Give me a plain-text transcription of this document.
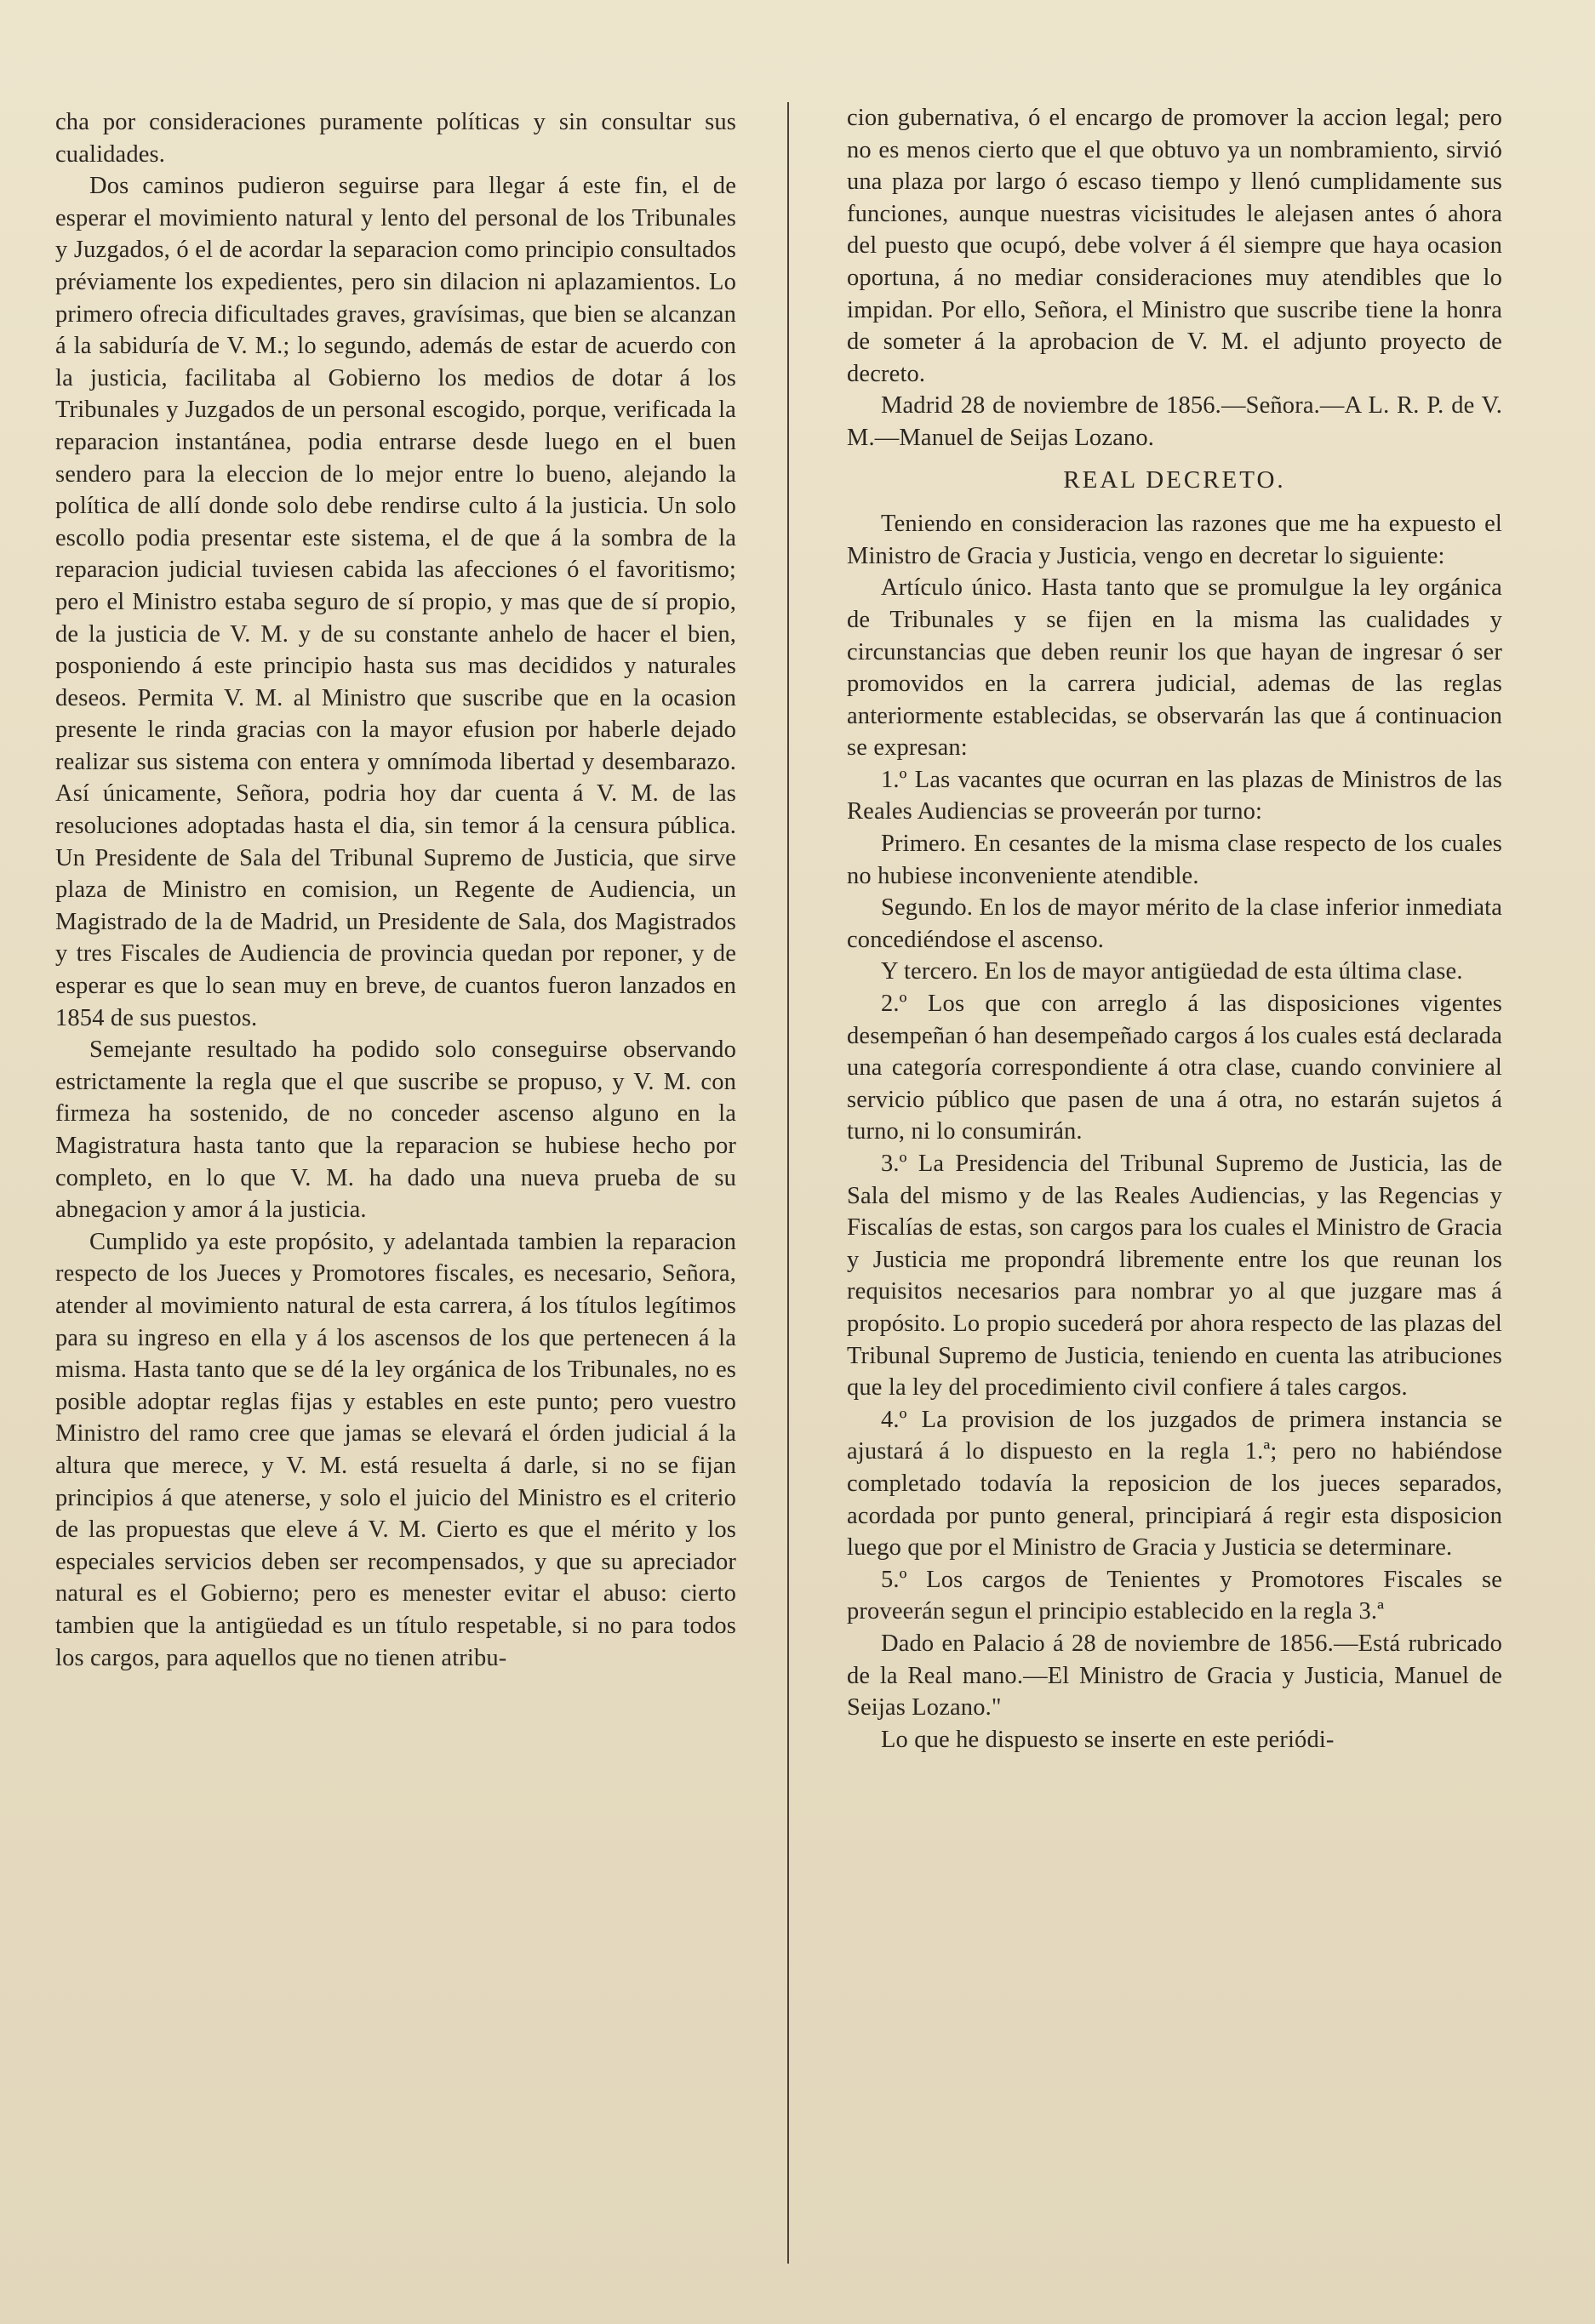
cha por consideraciones puramente políticas y sin consultar sus cualidades.

Dos caminos pudieron seguirse para llegar á este fin, el de esperar el movimiento natural y lento del personal de los Tribunales y Juzgados, ó el de acordar la separacion como principio consultados préviamente los expedientes, pero sin dilacion ni aplazamientos. Lo primero ofrecia dificultades graves, gravísimas, que bien se alcanzan á la sabiduría de V. M.; lo segundo, además de estar de acuerdo con la justicia, facilitaba al Gobierno los medios de dotar á los Tribunales y Juzgados de un personal escogido, porque, verificada la reparacion instantánea, podia entrarse desde luego en el buen sendero para la eleccion de lo mejor entre lo bueno, alejando la política de allí donde solo debe rendirse culto á la justicia. Un solo escollo podia presentar este sistema, el de que á la sombra de la reparacion judicial tuviesen cabida las afecciones ó el favoritismo; pero el Ministro estaba seguro de sí propio, y mas que de sí propio, de la justicia de V. M. y de su constante anhelo de hacer el bien, posponiendo á este principio hasta sus mas decididos y naturales deseos. Permita V. M. al Ministro que suscribe que en la ocasion presente le rinda gracias con la mayor efusion por haberle dejado realizar sus sistema con entera y omnímoda libertad y desembarazo. Así únicamente, Señora, podria hoy dar cuenta á V. M. de las resoluciones adoptadas hasta el dia, sin temor á la censura pública. Un Presidente de Sala del Tribunal Supremo de Justicia, que sirve plaza de Ministro en comision, un Regente de Audiencia, un Magistrado de la de Madrid, un Presidente de Sala, dos Magistrados y tres Fiscales de Audiencia de provincia quedan por reponer, y de esperar es que lo sean muy en breve, de cuantos fueron lanzados en 1854 de sus puestos.

Semejante resultado ha podido solo conseguirse observando estrictamente la regla que el que suscribe se propuso, y V. M. con firmeza ha sostenido, de no conceder ascenso alguno en la Magistratura hasta tanto que la reparacion se hubiese hecho por completo, en lo que V. M. ha dado una nueva prueba de su abnegacion y amor á la justicia.

Cumplido ya este propósito, y adelantada tambien la reparacion respecto de los Jueces y Promotores fiscales, es necesario, Señora, atender al movimiento natural de esta carrera, á los títulos legítimos para su ingreso en ella y á los ascensos de los que pertenecen á la misma. Hasta tanto que se dé la ley orgánica de los Tribunales, no es posible adoptar reglas fijas y estables en este punto; pero vuestro Ministro del ramo cree que jamas se elevará el órden judicial á la altura que merece, y V. M. está resuelta á darle, si no se fijan principios á que atenerse, y solo el juicio del Ministro es el criterio de las propuestas que eleve á V. M. Cierto es que el mérito y los especiales servicios deben ser recompensados, y que su apreciador natural es el Gobierno; pero es menester evitar el abuso: cierto tambien que la antigüedad es un título respetable, si no para todos los cargos, para aquellos que no tienen atribu-

cion gubernativa, ó el encargo de promover la accion legal; pero no es menos cierto que el que obtuvo ya un nombramiento, sirvió una plaza por largo ó escaso tiempo y llenó cumplidamente sus funciones, aunque nuestras vicisitudes le alejasen antes ó ahora del puesto que ocupó, debe volver á él siempre que haya ocasion oportuna, á no mediar consideraciones muy atendibles que lo impidan. Por ello, Señora, el Ministro que suscribe tiene la honra de someter á la aprobacion de V. M. el adjunto proyecto de decreto.

Madrid 28 de noviembre de 1856.—Señora.—A L. R. P. de V. M.—Manuel de Seijas Lozano.

REAL DECRETO.

Teniendo en consideracion las razones que me ha expuesto el Ministro de Gracia y Justicia, vengo en decretar lo siguiente:

Artículo único. Hasta tanto que se promulgue la ley orgánica de Tribunales y se fijen en la misma las cualidades y circunstancias que deben reunir los que hayan de ingresar ó ser promovidos en la carrera judicial, ademas de las reglas anteriormente establecidas, se observarán las que á continuacion se expresan:

1.º Las vacantes que ocurran en las plazas de Ministros de las Reales Audiencias se proveerán por turno:

Primero. En cesantes de la misma clase respecto de los cuales no hubiese inconveniente atendible.

Segundo. En los de mayor mérito de la clase inferior inmediata concediéndose el ascenso.

Y tercero. En los de mayor antigüedad de esta última clase.

2.º Los que con arreglo á las disposiciones vigentes desempeñan ó han desempeñado cargos á los cuales está declarada una categoría correspondiente á otra clase, cuando conviniere al servicio público que pasen de una á otra, no estarán sujetos á turno, ni lo consumirán.

3.º La Presidencia del Tribunal Supremo de Justicia, las de Sala del mismo y de las Reales Audiencias, y las Regencias y Fiscalías de estas, son cargos para los cuales el Ministro de Gracia y Justicia me propondrá libremente entre los que reunan los requisitos necesarios para nombrar yo al que juzgare mas á propósito. Lo propio sucederá por ahora respecto de las plazas del Tribunal Supremo de Justicia, teniendo en cuenta las atribuciones que la ley del procedimiento civil confiere á tales cargos.

4.º La provision de los juzgados de primera instancia se ajustará á lo dispuesto en la regla 1.ª; pero no habiéndose completado todavía la reposicion de los jueces separados, acordada por punto general, principiará á regir esta disposicion luego que por el Ministro de Gracia y Justicia se determinare.

5.º Los cargos de Tenientes y Promotores Fiscales se proveerán segun el principio establecido en la regla 3.ª

Dado en Palacio á 28 de noviembre de 1856.—Está rubricado de la Real mano.—El Ministro de Gracia y Justicia, Manuel de Seijas Lozano."

Lo que he dispuesto se inserte en este periódi-
